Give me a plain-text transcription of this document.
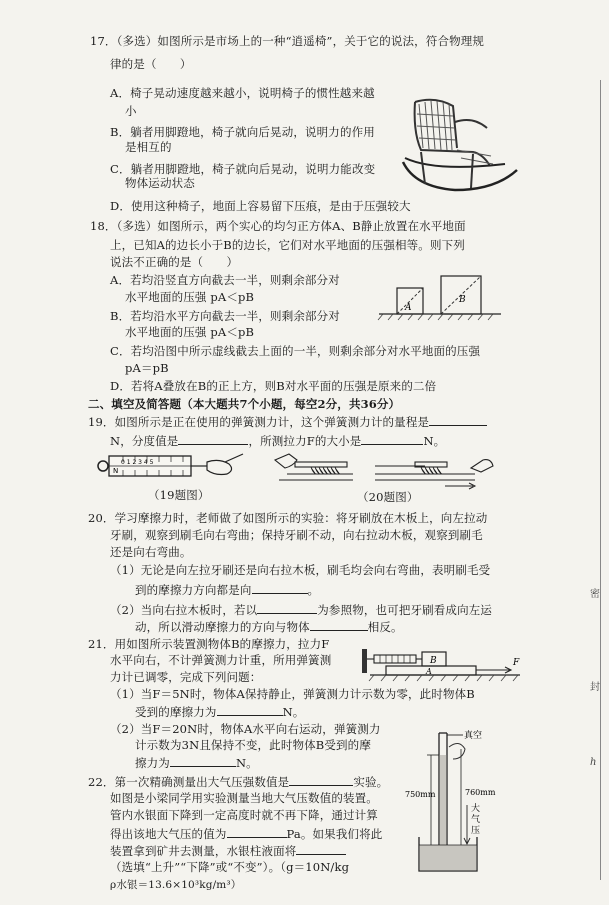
17．（多选）如图所示是市场上的一种“逍遥椅”，关于它的说法，符合物理规
律的是（　　）
A．椅子晃动速度越来越小，说明椅子的惯性越来越
小
B．躺者用脚蹬地，椅子就向后晃动，说明力的作用
是相互的
C．躺者用脚蹬地，椅子就向后晃动，说明力能改变
物体运动状态
D．使用这种椅子，地面上容易留下压痕，是由于压强较大
18．（多选）如图所示，两个实心的均匀正方体A、B静止放置在水平地面
上，已知A的边长小于B的边长，它们对水平地面的压强相等。则下列
说法不正确的是（　　）
A．若均沿竖直方向截去一半，则剩余部分对
水平地面的压强 pA＜pB
B．若均沿水平方向截去一半，则剩余部分对
水平地面的压强 pA＜pB
C．若均沿图中所示虚线截去上面的一半，则剩余部分对水平地面的压强
pA＝pB
D．若将A叠放在B的正上方，则B对水平面的压强是原来的二倍
A
B
二、填空及简答题（本大题共7个小题，每空2分，共36分）
19．如图所示是正在使用的弹簧测力计，这个弹簧测力计的量程是
N，分度值是	，所测拉力F的大小是	N。
N
0 1 2 3 4 5
（19题图）	（20题图）
20．学习摩擦力时，老师做了如图所示的实验：将牙刷放在木板上，向左拉动
牙刷，观察到刷毛向右弯曲；保持牙刷不动，向右拉动木板，观察到刷毛
还是向右弯曲。
（1）无论是向左拉牙刷还是向右拉木板，刷毛均会向右弯曲，表明刷毛受
到的摩擦力方向都是向	。
（2）当向右拉木板时，若以	为参照物，也可把牙刷看成向左运
动，所以滑动摩擦力的方向与物体	相反。
21．用如图所示装置测物体B的摩擦力，拉力F
水平向右，不计弹簧测力计重，所用弹簧测
力计已调零，完成下列问题：
B
A
F
（1）当F＝5N时，物体A保持静止，弹簧测力计示数为零，此时物体B
受到的摩擦力为	N。
（2）当F＝20N时，物体A水平向右运动，弹簧测力
计示数为3N且保持不变，此时物体B受到的摩
擦力为	N。
22．第一次精确测量出大气压强数值是	实验。
如图是小梁同学用实验测量当地大气压数值的装置。
管内水银面下降到一定高度时就不再下降，通过计算
得出该地大气压的值为	Pa。如果我们将此
装置拿到矿井去测量，水银柱液面将
（选填“上升”“下降”或“不变”）。（g＝10N/kg
ρ水银＝13.6×10³kg/m³）
真空
750mm	760mm
大
气
压
密
封
h
